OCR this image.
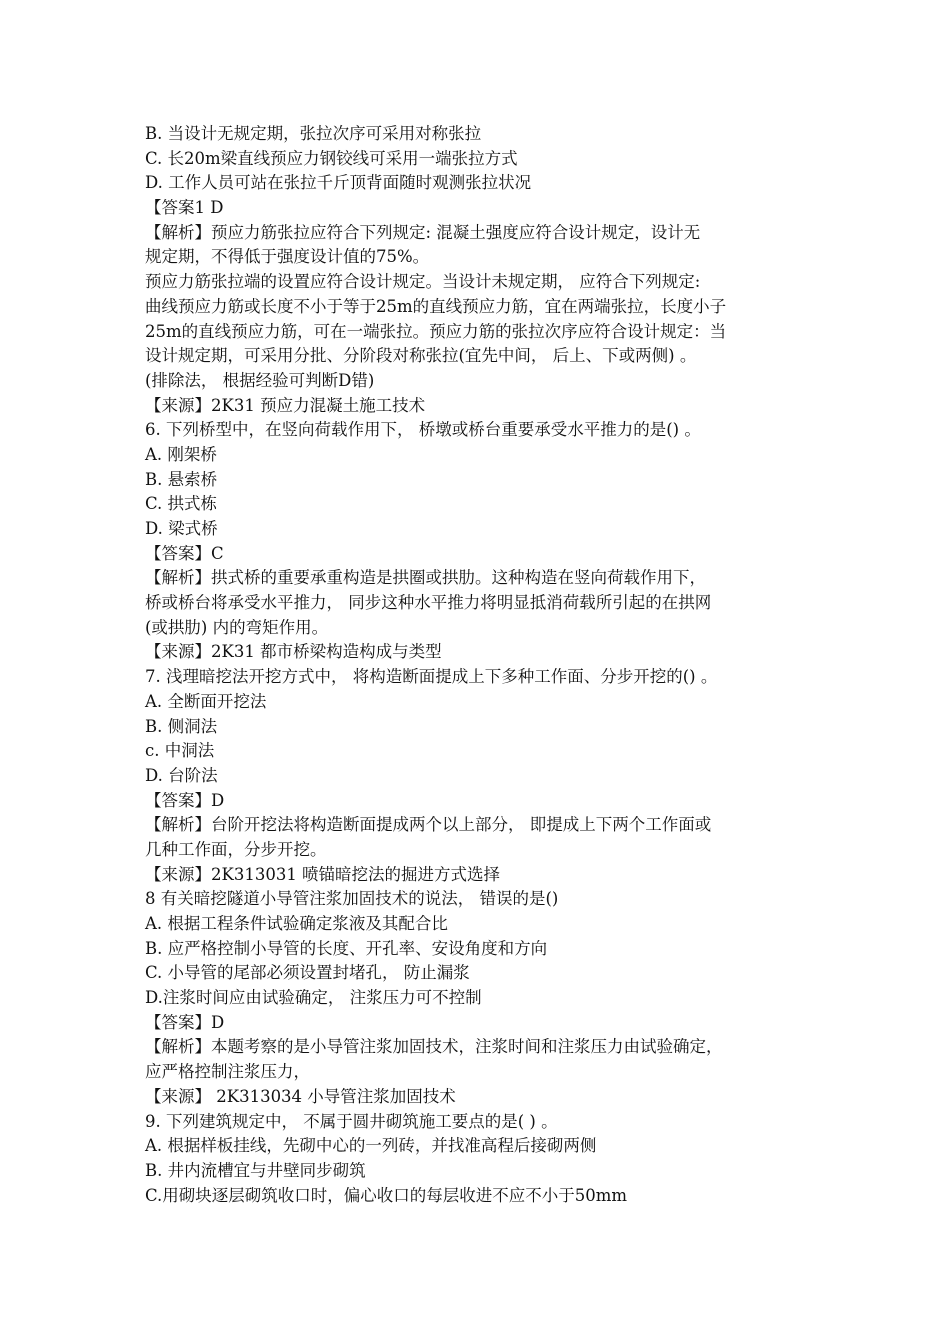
B. 当设计无规定期，张拉次序可采用对称张拉
C. 长20m梁直线预应力钢铰线可采用一端张拉方式
D. 工作人员可站在张拉千斤顶背面随时观测张拉状况
【答案1 D
【解析】预应力筋张拉应符合下列规定: 混凝土强度应符合设计规定，设计无
规定期，不得低于强度设计值的75%。
预应力筋张拉端的设置应符合设计规定。当设计未规定期， 应符合下列规定:
曲线预应力筋或长度不小于等于25m的直线预应力筋，宜在两端张拉，长度小子
25m的直线预应力筋，可在一端张拉。预应力筋的张拉次序应符合设计规定：当
设计规定期，可采用分批、分阶段对称张拉(宜先中间， 后上、下或两侧) 。
(排除法， 根据经验可判断D错)
【来源】2K31 预应力混凝土施工技术
6. 下列桥型中，在竖向荷载作用下， 桥墩或桥台重要承受水平推力的是() 。
A. 刚架桥
B. 悬索桥
C. 拱式栋
D. 梁式桥
【答案】C
【解析】拱式桥的重要承重构造是拱圈或拱肋。这种构造在竖向荷载作用下，
桥或桥台将承受水平推力， 同步这种水平推力将明显抵消荷载所引起的在拱网
(或拱肋) 内的弯矩作用。
【来源】2K31 都市桥梁构造构成与类型
7. 浅理暗挖法开挖方式中， 将构造断面提成上下多种工作面、分步开挖的() 。
A. 全断面开挖法
B. 侧洞法
c. 中洞法
D. 台阶法
【答案】D
【解析】台阶开挖法将构造断面提成两个以上部分， 即提成上下两个工作面或
几种工作面，分步开挖。
【来源】2K313031 喷锚暗挖法的掘进方式选择
8 有关暗挖隧道小导管注浆加固技术的说法， 错误的是()
A. 根据工程条件试验确定浆液及其配合比
B. 应严格控制小导管的长度、开孔率、安设角度和方向
C. 小导管的尾部必须设置封堵孔， 防止漏浆
D.注浆时间应由试验确定， 注浆压力可不控制
【答案】D
【解析】本题考察的是小导管注浆加固技术，注浆时间和注浆压力由试验确定，
应严格控制注浆压力，
【来源】 2K313034 小导管注浆加固技术
9. 下列建筑规定中， 不属于圆井砌筑施工要点的是( ) 。
A. 根据样板挂线，先砌中心的一列砖，并找准高程后接砌两侧
B. 井内流槽宜与井壁同步砌筑
C.用砌块逐层砌筑收口时，偏心收口的每层收进不应不小于50mm
